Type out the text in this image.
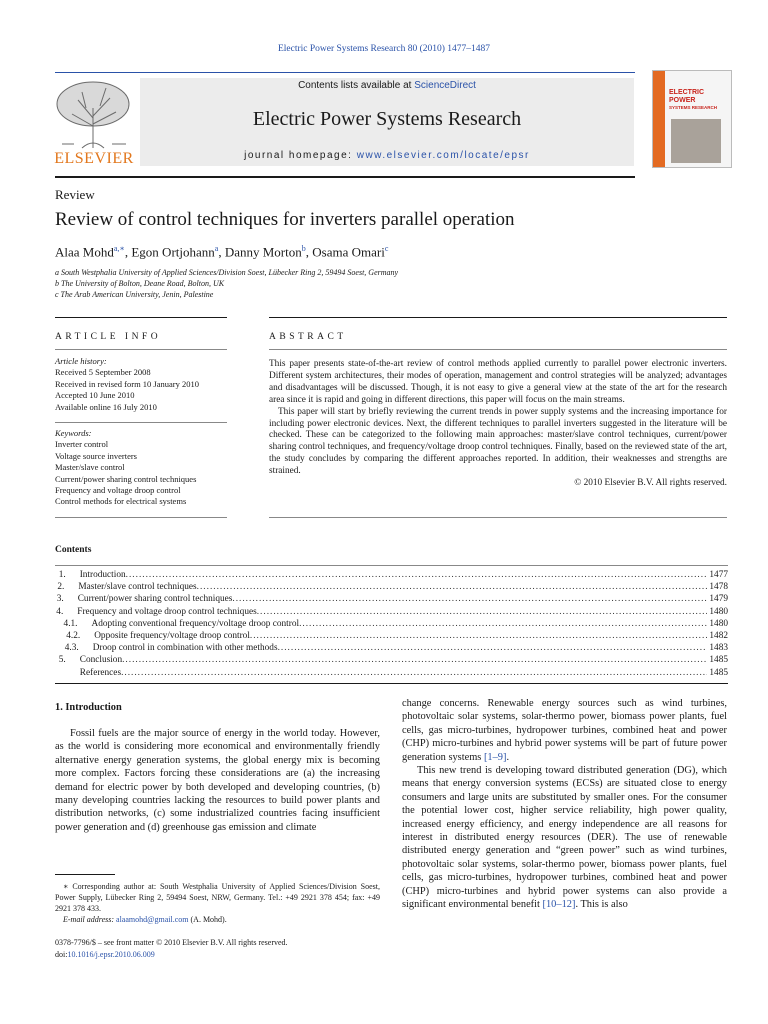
Electric Power Systems Research 80 (2010) 1477–1487
ELSEVIER
Contents lists available at ScienceDirect
Electric Power Systems Research
journal homepage: www.elsevier.com/locate/epsr
ELECTRIC POWER
SYSTEMS RESEARCH
Review
Review of control techniques for inverters parallel operation
Alaa Mohd$^{a,∗}$, Egon Ortjohann$^a$, Danny Morton$^b$, Osama Omari$^c$
a South Westphalia University of Applied Sciences/Division Soest, Lübecker Ring 2, 59494 Soest, Germany
b The University of Bolton, Deane Road, Bolton, UK
c The Arab American University, Jenin, Palestine
ARTICLE INFO
Article history:
Received 5 September 2008
Received in revised form 10 January 2010
Accepted 10 June 2010
Available online 16 July 2010
Keywords:
Inverter control
Voltage source inverters
Master/slave control
Current/power sharing control techniques
Frequency and voltage droop control
Control methods for electrical systems
ABSTRACT

This paper presents state-of-the-art review of control methods applied currently to parallel power electronic inverters. Different system architectures, their modes of operation, management and control strategies will be analyzed; advantages and disadvantages will be discussed. Though, it is not easy to give a general view at the state of the art for the research area since it is rapid and going in different directions, this paper will focus on the main streams.

This paper will start by briefly reviewing the current trends in power supply systems and the increasing importance for including power electronic devices. Next, the different techniques to parallel inverters suggested in the literature will be checked. These can be categorized to the following main approaches: master/slave control techniques, current/power sharing control techniques, and frequency/voltage droop control techniques. Finally, based on the reviewed state of the art, the study concludes by comparing the different approaches reported. In addition, their weaknesses and strengths are strained.

© 2010 Elsevier B.V. All rights reserved.

Contents
1.	Introduction .....	1477
2.	Master/slave control techniques .....	1478
3.	Current/power sharing control techniques .....	1479
4.	Frequency and voltage droop control techniques .....	1480
4.1.	Adopting conventional frequency/voltage droop control .....	1480
4.2.	Opposite frequency/voltage droop control .....	1482
4.3.	Droop control in combination with other methods .....	1483
5.	Conclusion .....	1485
References .....	1485
1. Introduction

Fossil fuels are the major source of energy in the world today. However, as the world is considering more economical and environmentally friendly alternative energy generation systems, the global energy mix is becoming more complex. Factors forcing these considerations are (a) the increasing demand for electric power by both developed and developing countries, (b) many developing countries lacking the resources to build power plants and distribution networks, (c) some industrialized countries facing insufficient power generation and (d) greenhouse gas emission and climate

change concerns. Renewable energy sources such as wind turbines, photovoltaic solar systems, solar-thermo power, biomass power plants, fuel cells, gas micro-turbines, hydropower turbines, combined heat and power (CHP) micro-turbines and hybrid power systems will be part of future power generation systems [1–9].

This new trend is developing toward distributed generation (DG), which means that energy conversion systems (ECSs) are situated close to energy consumers and large units are substituted by smaller ones. For the consumer the potential lower cost, higher service reliability, high power quality, increased energy efficiency, and energy independence are all reasons for interest in distributed energy resources (DER). The use of renewable distributed energy generation and “green power” such as wind turbines, photovoltaic solar systems, solar-thermo power, biomass power plants, fuel cells, gas micro-turbines, hydropower turbines, combined heat and power (CHP) micro-turbines and hybrid power systems can also provide a significant environmental benefit [10–12]. This is also

∗ Corresponding author at: South Westphalia University of Applied Sciences/Division Soest, Power Supply, Lübecker Ring 2, 59494 Soest, NRW, Germany. Tel.: +49 2921 378 454; fax: +49 2921 378 433.

E-mail address: alaamohd@gmail.com (A. Mohd).

0378-7796/$ – see front matter © 2010 Elsevier B.V. All rights reserved.
doi:10.1016/j.epsr.2010.06.009
